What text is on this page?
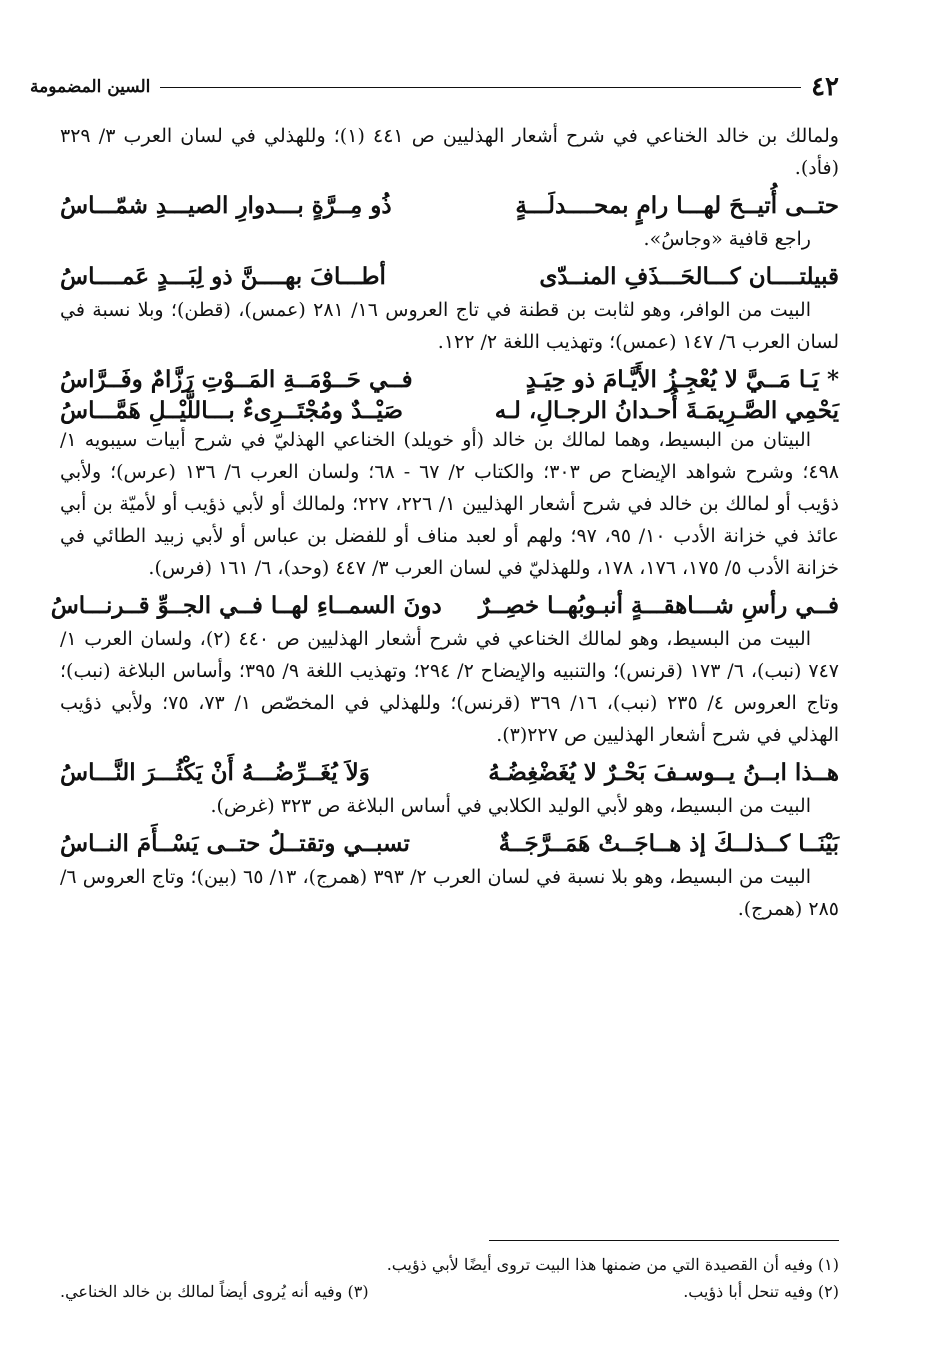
السين المضمومة	٤٢

ولمالك بن خالد الخناعي في شرح أشعار الهذليين ص ٤٤١ (١)؛ وللهذلي في لسان العرب ٣/ ٣٢٩ (فأد).

حتــى أُتيــحَ لهـــا رامٍ بمحــــدلَـــةٍ
ذُو مِــرَّةٍ بـــدوارِ الصيـــدِ شمّـــاسُ

راجع قافية «وجاسُ».

قبيلتــــان كـــالحَـــذَفِ المنــدّى
أطـــافَ بهــــنَّ ذو لِبَـــدٍ عَمــــاسُ

البيت من الوافر، وهو لثابت بن قطنة في تاج العروس ١٦/ ٢٨١ (عمس)، (قطن)؛ وبلا نسبة في لسان العرب ٦/ ١٤٧ (عمس)؛ وتهذيب اللغة ٢/ ١٢٢.

* يَـا مَــيَّ لا يُعْجِـزُ الأَيَّـامَ ذو حِيَـدٍ
فــي حَــوْمَــةِ المَــوْتِ رَزَّامٌ وفَــرَّاسُ
يَحْمِي الصَّـرِيمَـةَ أُحـدانُ الرجـالِ، لـه
صَيْــدٌ ومُجْتَــرِىءٌ بـــاللَّيْــلِ هَمَّـــاسُ

البيتان من البسيط، وهما لمالك بن خالد (أو خويلد) الخناعي الهذليّ في شرح أبيات سيبويه ١/ ٤٩٨؛ وشرح شواهد الإيضاح ص ٣٠٣؛ والكتاب ٢/ ٦٧ - ٦٨؛ ولسان العرب ٦/ ١٣٦ (عرس)؛ ولأبي ذؤيب أو لمالك بن خالد في شرح أشعار الهذليين ١/ ٢٢٦، ٢٢٧؛ ولمالك أو لأبي ذؤيب أو لأميّة بن أبي عائذ في خزانة الأدب ١٠/ ٩٥، ٩٧؛ ولهم أو لعبد مناف أو للفضل بن عباس أو لأبي زبيد الطائي في خزانة الأدب ٥/ ١٧٥، ١٧٦، ١٧٨، وللهذليّ في لسان العرب ٣/ ٤٤٧ (وحد)، ٦/ ١٦١ (فرس).

فــي رأسِ شـــاهقـــةٍ أنبـوبُهــا خصِــرٌ
دونَ السمــاءِ لهــا فــي الجــوِّ قــرنـــاسُ

البيت من البسيط، وهو لمالك الخناعي في شرح أشعار الهذليين ص ٤٤٠ (٢)، ولسان العرب ١/ ٧٤٧ (نبب)، ٦/ ١٧٣ (قرنس)؛ والتنبيه والإيضاح ٢/ ٢٩٤؛ وتهذيب اللغة ٩/ ٣٩٥؛ وأساس البلاغة (نبب)؛ وتاج العروس ٤/ ٢٣٥ (نبب)، ١٦/ ٣٦٩ (قرنس)؛ وللهذلي في المخصّص ١/ ٧٣، ٧٥؛ ولأبي ذؤيب الهذلي في شرح أشعار الهذليين ص ٢٢٧(٣).

هــذا ابــنُ يــوسـفَ بَحْـرٌ لا يُغَضْغِضُـهُ
وَلاَ يُغَــرِّضُـــهُ أَنْ يَكْثُـــرَ النَّـــاسُ

البيت من البسيط، وهو لأبي الوليد الكلابي في أساس البلاغة ص ٣٢٣ (غرض).

بَيْنَــا كــذلــكَ إذ هــاجَــتْ هَمَــرَّجَــةٌ
تسبــي وتقتــلُ حتــى يَسْــأَمَ النــاسُ

البيت من البسيط، وهو بلا نسبة في لسان العرب ٢/ ٣٩٣ (همرج)، ١٣/ ٦٥ (بين)؛ وتاج العروس ٦/ ٢٨٥ (همرج).

(١) وفيه أن القصيدة التي من ضمنها هذا البيت تروى أيضًا لأبي ذؤيب.

(٢) وفيه تنحل أبا ذؤيب.
(٣) وفيه أنه يُروى أيضاً لمالك بن خالد الخناعي.
